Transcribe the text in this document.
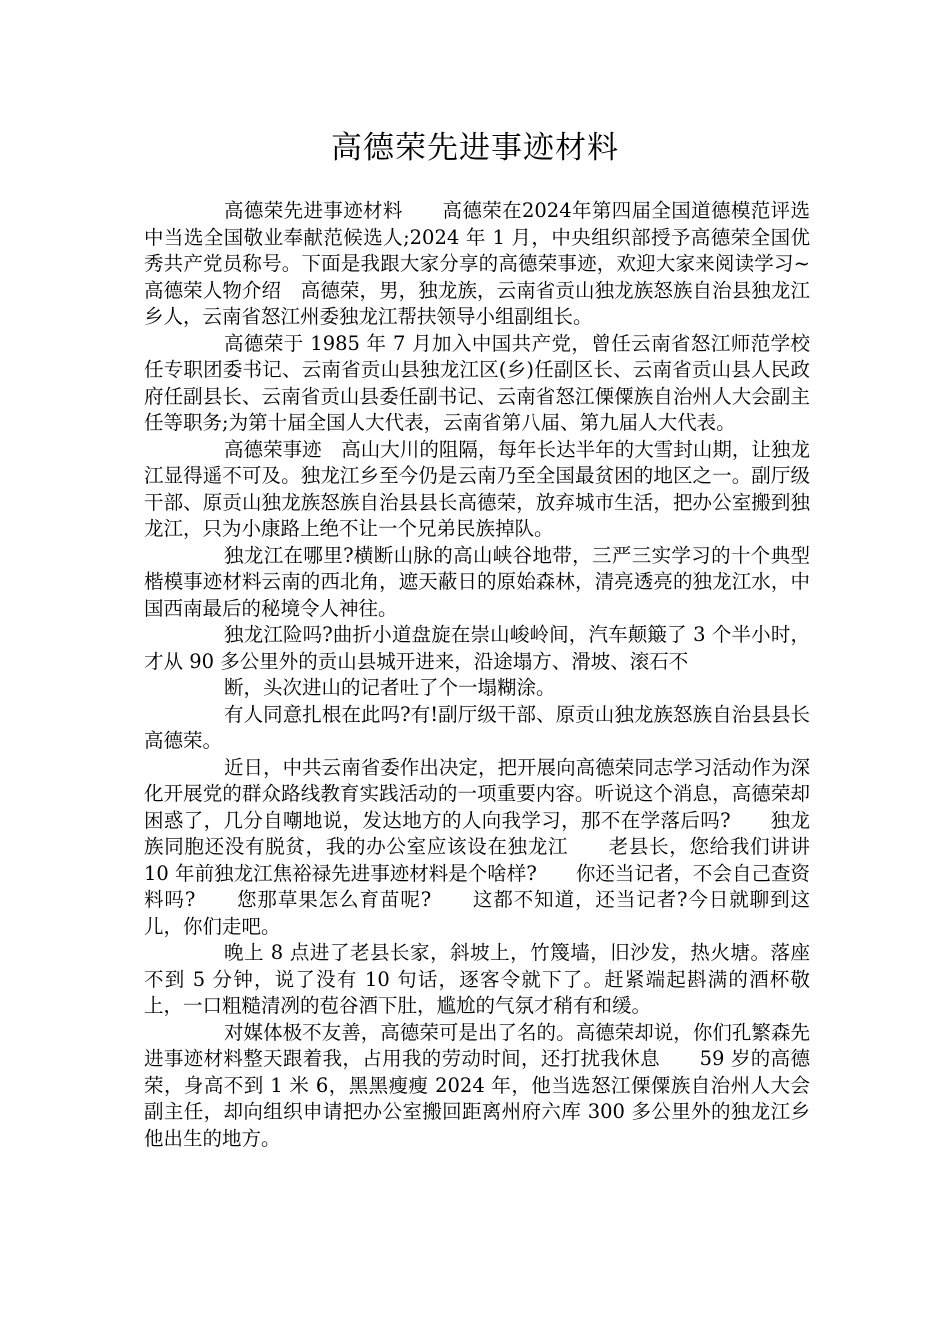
高德荣先进事迹材料

高德荣先进事迹材料　　高德荣在2024年第四届全国道德模范评选中当选全国敬业奉献范候选人;2024 年 1 月，中央组织部授予高德荣全国优秀共产党员称号。下面是我跟大家分享的高德荣事迹，欢迎大家来阅读学习~　高德荣人物介绍　高德荣，男，独龙族，云南省贡山独龙族怒族自治县独龙江乡人，云南省怒江州委独龙江帮扶领导小组副组长。

高德荣于 1985 年 7 月加入中国共产党，曾任云南省怒江师范学校任专职团委书记、云南省贡山县独龙江区(乡)任副区长、云南省贡山县人民政府任副县长、云南省贡山县委任副书记、云南省怒江傈僳族自治州人大会副主任等职务;为第十届全国人大代表，云南省第八届、第九届人大代表。

高德荣事迹　高山大川的阻隔，每年长达半年的大雪封山期，让独龙江显得遥不可及。独龙江乡至今仍是云南乃至全国最贫困的地区之一。副厅级干部、原贡山独龙族怒族自治县县长高德荣，放弃城市生活，把办公室搬到独龙江，只为小康路上绝不让一个兄弟民族掉队。

独龙江在哪里?横断山脉的高山峡谷地带，三严三实学习的十个典型楷模事迹材料云南的西北角，遮天蔽日的原始森林，清亮透亮的独龙江水，中国西南最后的秘境令人神往。

独龙江险吗?曲折小道盘旋在崇山峻岭间，汽车颠簸了 3 个半小时，才从 90 多公里外的贡山县城开进来，沿途塌方、滑坡、滚石不

断，头次进山的记者吐了个一塌糊涂。

有人同意扎根在此吗?有!副厅级干部、原贡山独龙族怒族自治县县长高德荣。

近日，中共云南省委作出决定，把开展向高德荣同志学习活动作为深化开展党的群众路线教育实践活动的一项重要内容。听说这个消息，高德荣却困惑了，几分自嘲地说，发达地方的人向我学习，那不在学落后吗?　　独龙族同胞还没有脱贫，我的办公室应该设在独龙江　　老县长，您给我们讲讲 10 年前独龙江焦裕禄先进事迹材料是个啥样?　　你还当记者，不会自己查资料吗?　　您那草果怎么育苗呢?　　这都不知道，还当记者?今日就聊到这儿，你们走吧。

晚上 8 点进了老县长家，斜坡上，竹篾墙，旧沙发，热火塘。落座不到 5 分钟，说了没有 10 句话，逐客令就下了。赶紧端起斟满的酒杯敬上，一口粗糙清冽的苞谷酒下肚，尴尬的气氛才稍有和缓。

对媒体极不友善，高德荣可是出了名的。高德荣却说，你们孔繁森先进事迹材料整天跟着我，占用我的劳动时间，还打扰我休息　　59 岁的高德荣，身高不到 1 米 6，黑黑瘦瘦 2024 年，他当选怒江傈僳族自治州人大会副主任，却向组织申请把办公室搬回距离州府六库 300 多公里外的独龙江乡他出生的地方。
